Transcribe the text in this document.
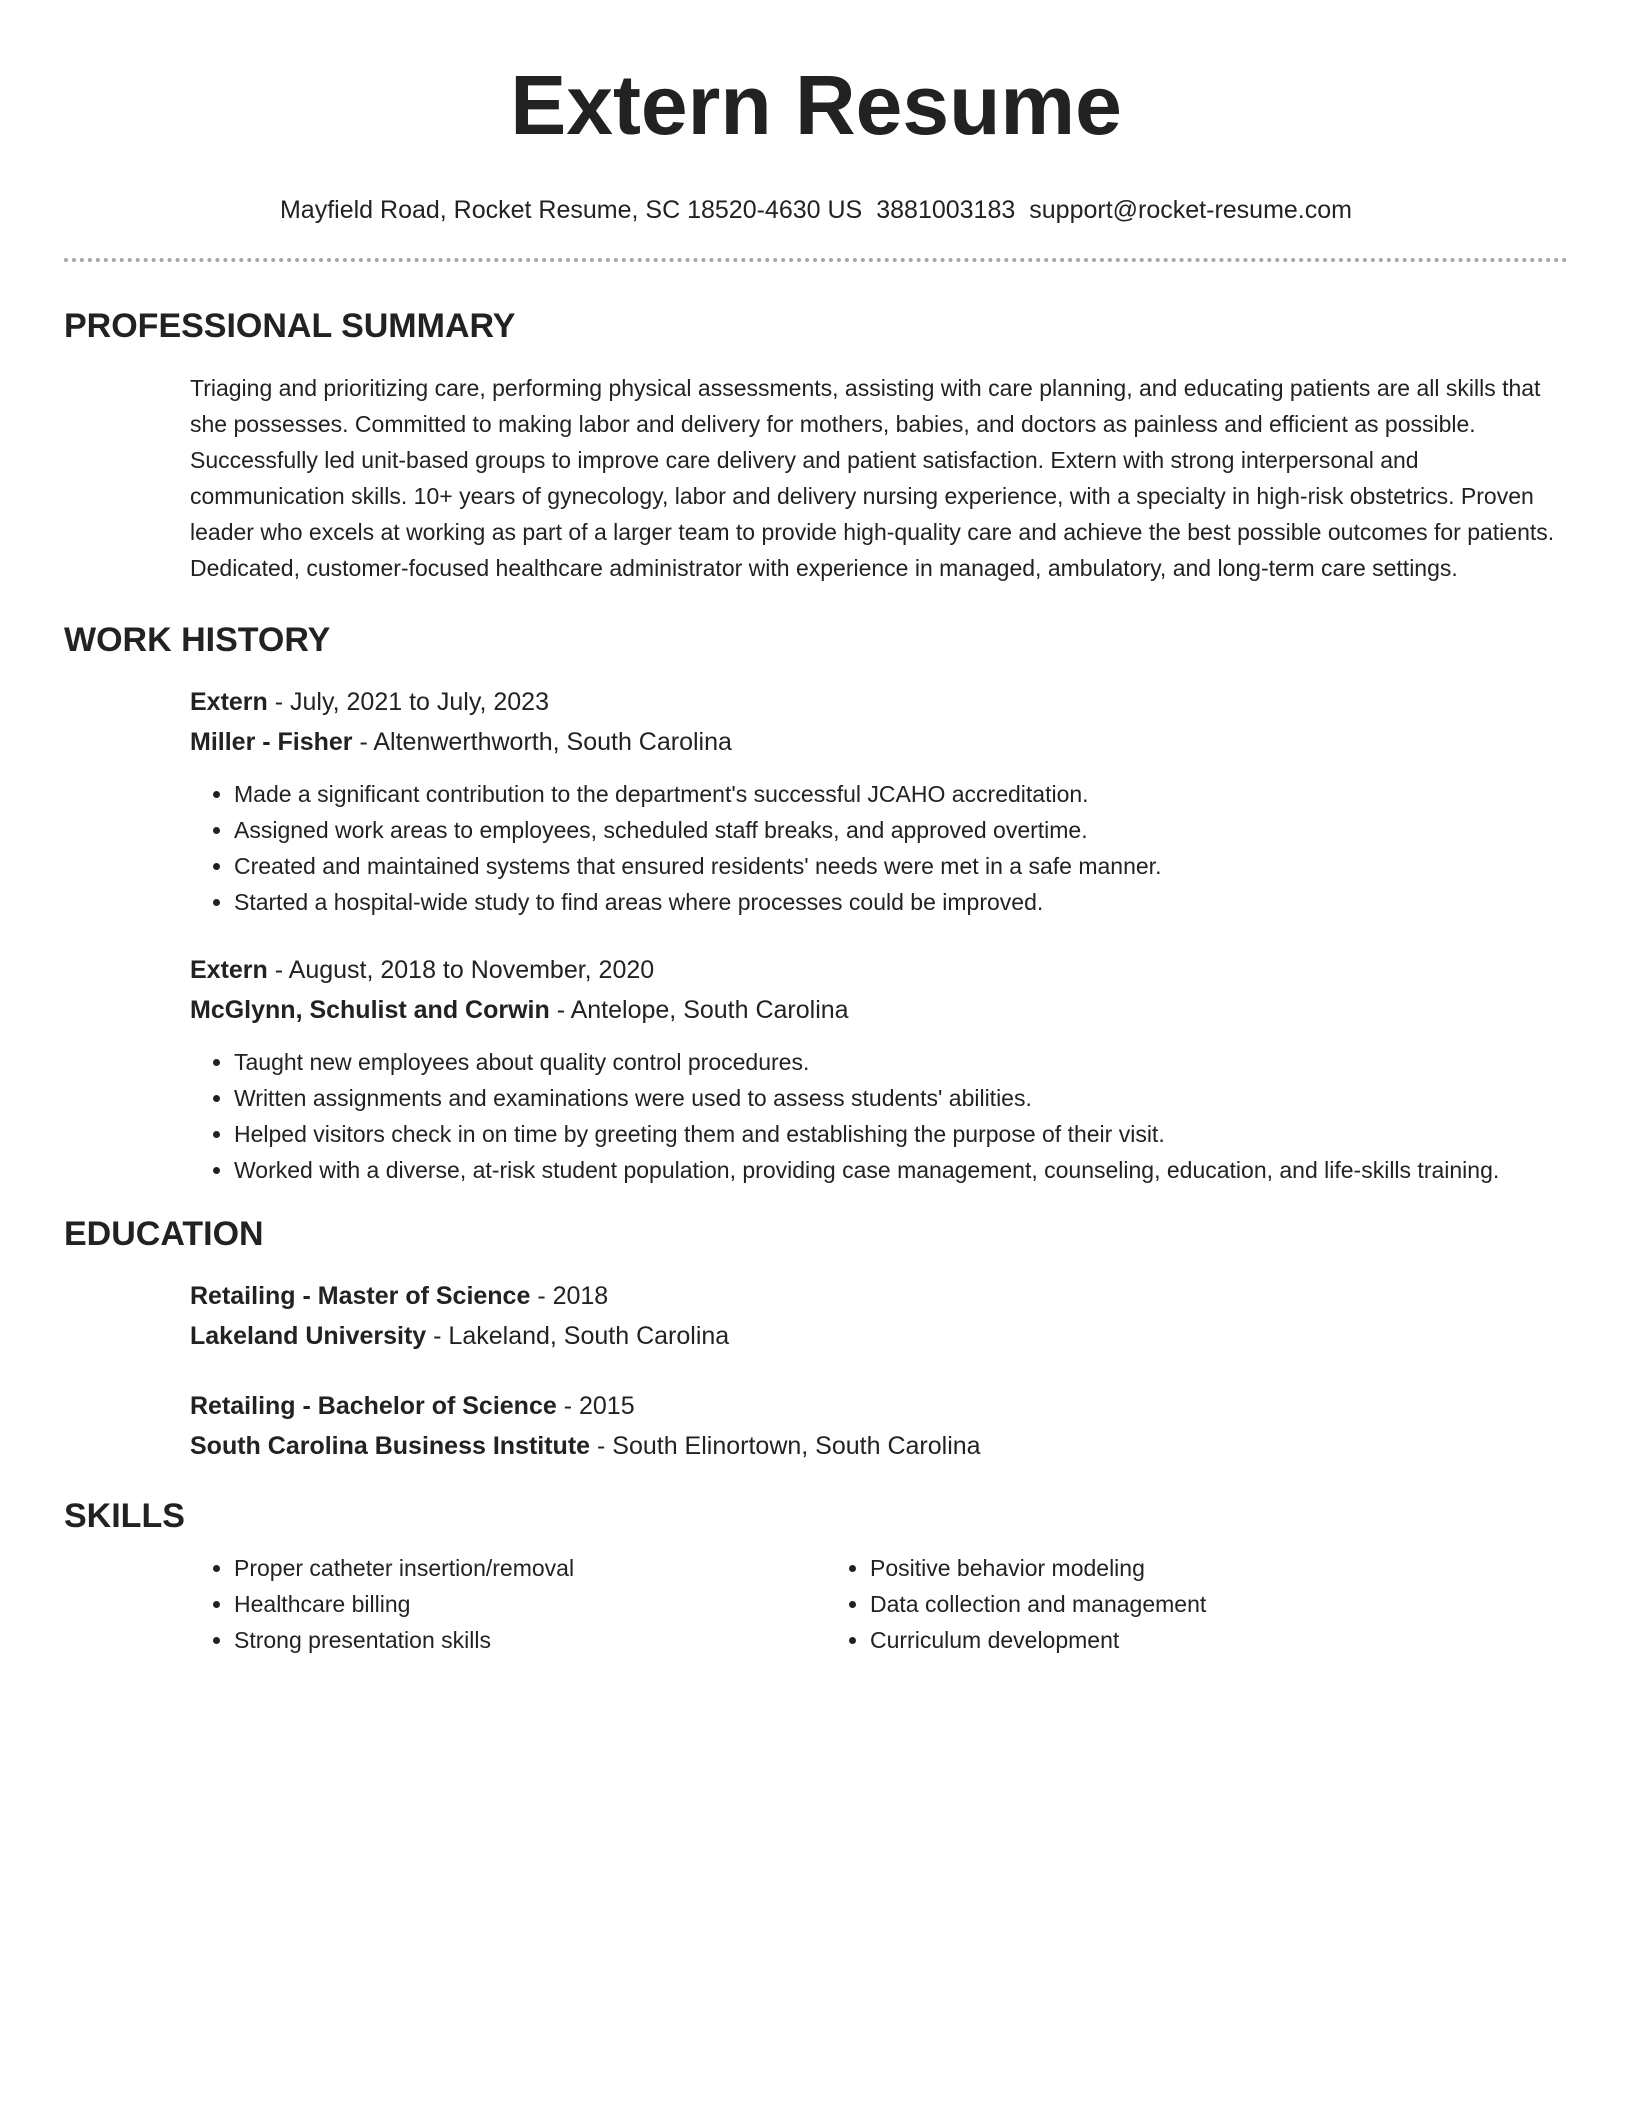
Extern Resume
Mayfield Road, Rocket Resume, SC 18520-4630 US 3881003183 support@rocket-resume.com
PROFESSIONAL SUMMARY
Triaging and prioritizing care, performing physical assessments, assisting with care planning, and educating patients are all skills that she possesses. Committed to making labor and delivery for mothers, babies, and doctors as painless and efficient as possible. Successfully led unit-based groups to improve care delivery and patient satisfaction. Extern with strong interpersonal and communication skills. 10+ years of gynecology, labor and delivery nursing experience, with a specialty in high-risk obstetrics. Proven leader who excels at working as part of a larger team to provide high-quality care and achieve the best possible outcomes for patients. Dedicated, customer-focused healthcare administrator with experience in managed, ambulatory, and long-term care settings.
WORK HISTORY
Extern - July, 2021 to July, 2023
Miller - Fisher - Altenwerthworth, South Carolina
• Made a significant contribution to the department's successful JCAHO accreditation.
• Assigned work areas to employees, scheduled staff breaks, and approved overtime.
• Created and maintained systems that ensured residents' needs were met in a safe manner.
• Started a hospital-wide study to find areas where processes could be improved.
Extern - August, 2018 to November, 2020
McGlynn, Schulist and Corwin - Antelope, South Carolina
• Taught new employees about quality control procedures.
• Written assignments and examinations were used to assess students' abilities.
• Helped visitors check in on time by greeting them and establishing the purpose of their visit.
• Worked with a diverse, at-risk student population, providing case management, counseling, education, and life-skills training.
EDUCATION
Retailing - Master of Science - 2018
Lakeland University - Lakeland, South Carolina
Retailing - Bachelor of Science - 2015
South Carolina Business Institute - South Elinortown, South Carolina
SKILLS
• Proper catheter insertion/removal
• Healthcare billing
• Strong presentation skills
• Positive behavior modeling
• Data collection and management
• Curriculum development
